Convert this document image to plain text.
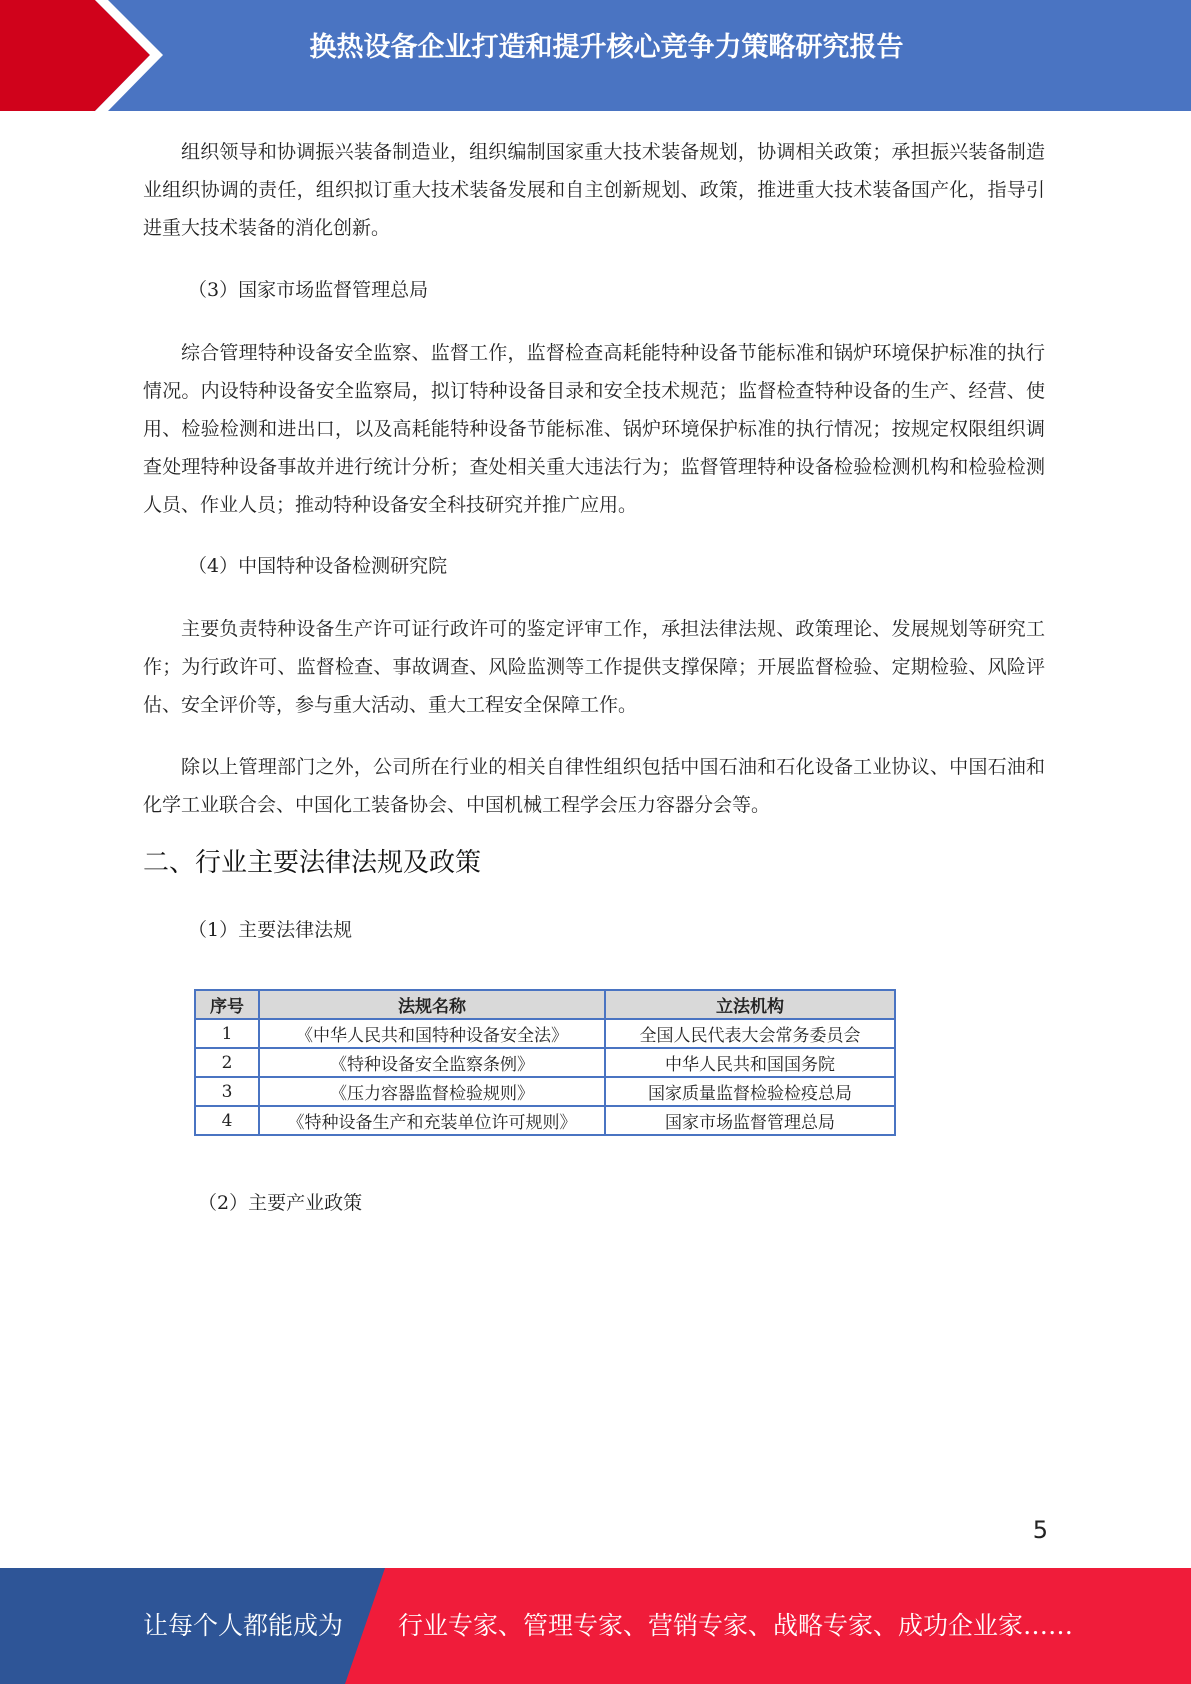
换热设备企业打造和提升核心竞争力策略研究报告

组织领导和协调振兴装备制造业，组织编制国家重大技术装备规划，协调相关政策；承担振兴装备制造业组织协调的责任，组织拟订重大技术装备发展和自主创新规划、政策，推进重大技术装备国产化，指导引进重大技术装备的消化创新。

（3）国家市场监督管理总局

综合管理特种设备安全监察、监督工作，监督检查高耗能特种设备节能标准和锅炉环境保护标准的执行情况。内设特种设备安全监察局，拟订特种设备目录和安全技术规范；监督检查特种设备的生产、经营、使用、检验检测和进出口，以及高耗能特种设备节能标准、锅炉环境保护标准的执行情况；按规定权限组织调查处理特种设备事故并进行统计分析；查处相关重大违法行为；监督管理特种设备检验检测机构和检验检测人员、作业人员；推动特种设备安全科技研究并推广应用。

（4）中国特种设备检测研究院

主要负责特种设备生产许可证行政许可的鉴定评审工作，承担法律法规、政策理论、发展规划等研究工作；为行政许可、监督检查、事故调查、风险监测等工作提供支撑保障；开展监督检验、定期检验、风险评估、安全评价等，参与重大活动、重大工程安全保障工作。

除以上管理部门之外，公司所在行业的相关自律性组织包括中国石油和石化设备工业协议、中国石油和化学工业联合会、中国化工装备协会、中国机械工程学会压力容器分会等。

二、行业主要法律法规及政策

（1）主要法律法规

序号	法规名称	立法机构
1	《中华人民共和国特种设备安全法》	全国人民代表大会常务委员会
2	《特种设备安全监察条例》	中华人民共和国国务院
3	《压力容器监督检验规则》	国家质量监督检验检疫总局
4	《特种设备生产和充装单位许可规则》	国家市场监督管理总局

（2）主要产业政策

5
让每个人都能成为 行业专家、管理专家、营销专家、战略专家、成功企业家……
